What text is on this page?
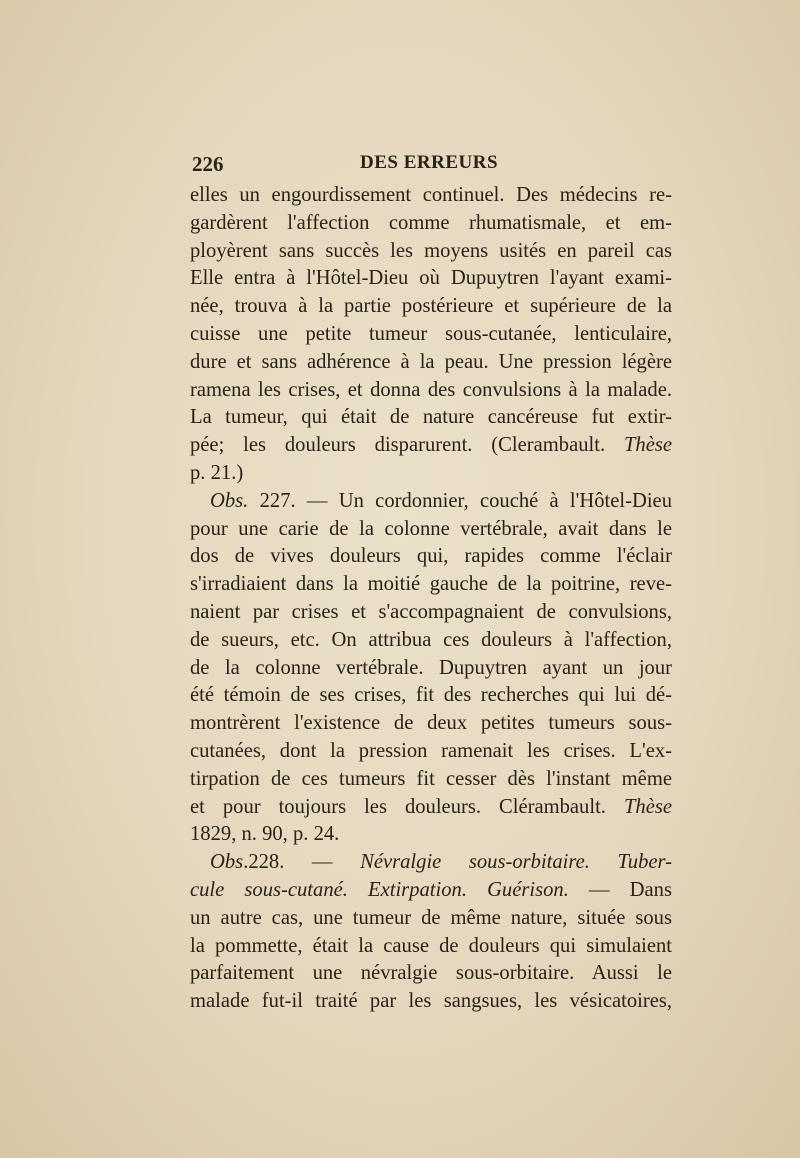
226	DES ERREURS
elles un engourdissement continuel. Des médecins re-
gardèrent l'affection comme rhumatismale, et em-
ployèrent sans succès les moyens usités en pareil cas
Elle entra à l'Hôtel-Dieu où Dupuytren l'ayant exami-
née, trouva à la partie postérieure et supérieure de la
cuisse une petite tumeur sous-cutanée, lenticulaire,
dure et sans adhérence à la peau. Une pression légère
ramena les crises, et donna des convulsions à la malade.
La tumeur, qui était de nature cancéreuse fut extir-
pée; les douleurs disparurent. (Clerambault. Thèse
p. 21.)
Obs. 227. — Un cordonnier, couché à l'Hôtel-Dieu
pour une carie de la colonne vertébrale, avait dans le
dos de vives douleurs qui, rapides comme l'éclair
s'irradiaient dans la moitié gauche de la poitrine, reve-
naient par crises et s'accompagnaient de convulsions,
de sueurs, etc. On attribua ces douleurs à l'affection,
de la colonne vertébrale. Dupuytren ayant un jour
été témoin de ses crises, fit des recherches qui lui dé-
montrèrent l'existence de deux petites tumeurs sous-
cutanées, dont la pression ramenait les crises. L'ex-
tirpation de ces tumeurs fit cesser dès l'instant même
et pour toujours les douleurs. Clérambault. Thèse
1829, n. 90, p. 24.
Obs.228. — Névralgie sous-orbitaire. Tuber-
cule sous-cutané. Extirpation. Guérison. — Dans
un autre cas, une tumeur de même nature, située sous
la pommette, était la cause de douleurs qui simulaient
parfaitement une névralgie sous-orbitaire. Aussi le
malade fut-il traité par les sangsues, les vésicatoires,
